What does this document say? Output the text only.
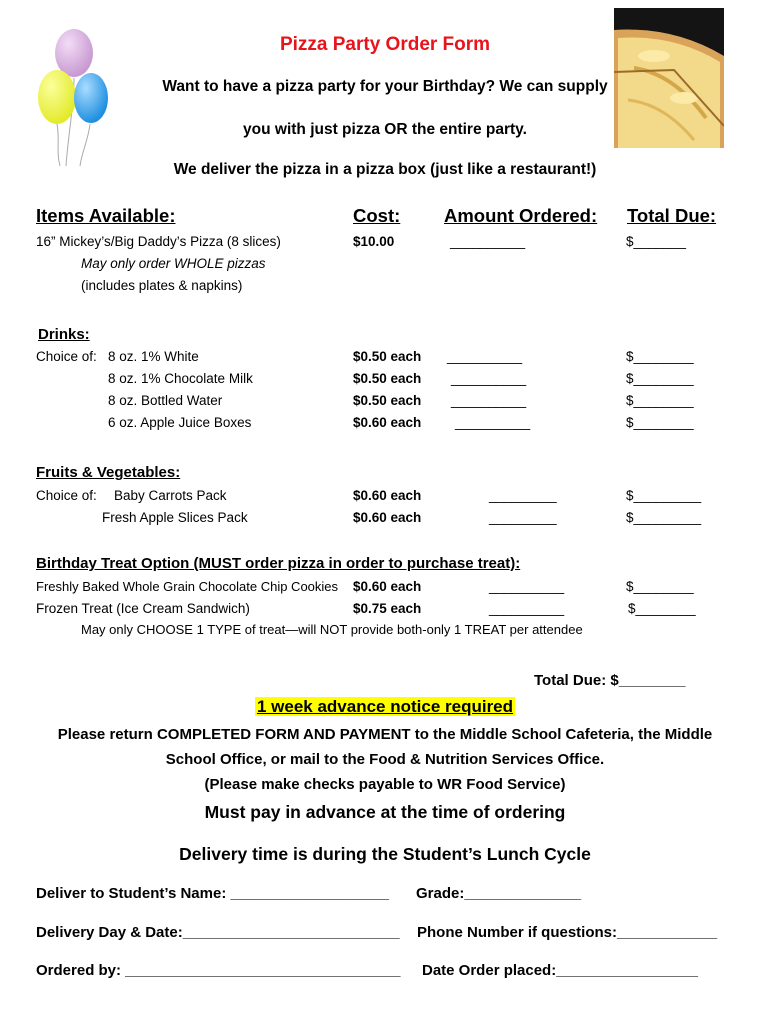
Pizza Party Order Form
Want to have a pizza party for your Birthday? We can supply
you with just pizza OR the entire party.
We deliver the pizza in a pizza box (just like a restaurant!)
Items Available:	Cost: Amount Ordered: Total Due:
16” Mickey’s/Big Daddy’s Pizza (8 slices)	$10.00	__________	$_______
May only order WHOLE pizzas
(includes plates & napkins)
Drinks:
Choice of: 8 oz. 1% White	$0.50 each __________	$________
8 oz. 1% Chocolate Milk	$0.50 each __________	$________
8 oz. Bottled Water	$0.50 each __________	$________
6 oz. Apple Juice Boxes	$0.60 each __________	$________
Fruits & Vegetables:
Choice of: Baby Carrots Pack	$0.60 each	_________	$_________
Fresh Apple Slices Pack	$0.60 each	_________	$_________
Birthday Treat Option (MUST order pizza in order to purchase treat):
Freshly Baked Whole Grain Chocolate Chip Cookies $0.60 each	__________	$________
Frozen Treat (Ice Cream Sandwich)	$0.75 each	__________	$________
May only CHOOSE 1 TYPE of treat—will NOT provide both-only 1 TREAT per attendee
Total Due: $________
1 week advance notice required
Please return COMPLETED FORM AND PAYMENT to the Middle School Cafeteria, the Middle
School Office, or mail to the Food & Nutrition Services Office.
(Please make checks payable to WR Food Service)
Must pay in advance at the time of ordering
Delivery time is during the Student’s Lunch Cycle
Deliver to Student’s Name: ___________________ Grade:______________
Delivery Day & Date:__________________________ Phone Number if questions:____________
Ordered by: _________________________________ Date Order placed:_________________
